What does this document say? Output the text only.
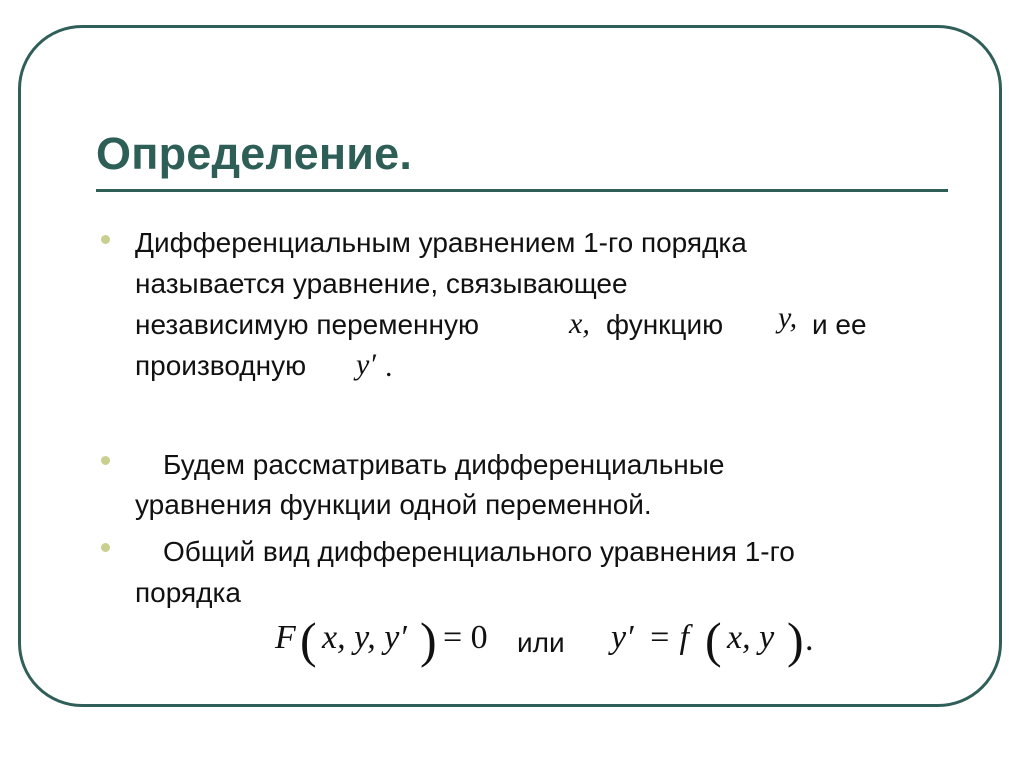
Определение.
Дифференциальным уравнением 1-го порядка
называется уравнение, связывающее
независимую переменную	x, функцию y, и ее
производную y′ .
Будем рассматривать дифференциальные
уравнения функции одной переменной.
Общий вид дифференциального уравнения 1-го
порядка
F ( x, y, y′ ) = 0 или y′ = f ( x, y ) .
